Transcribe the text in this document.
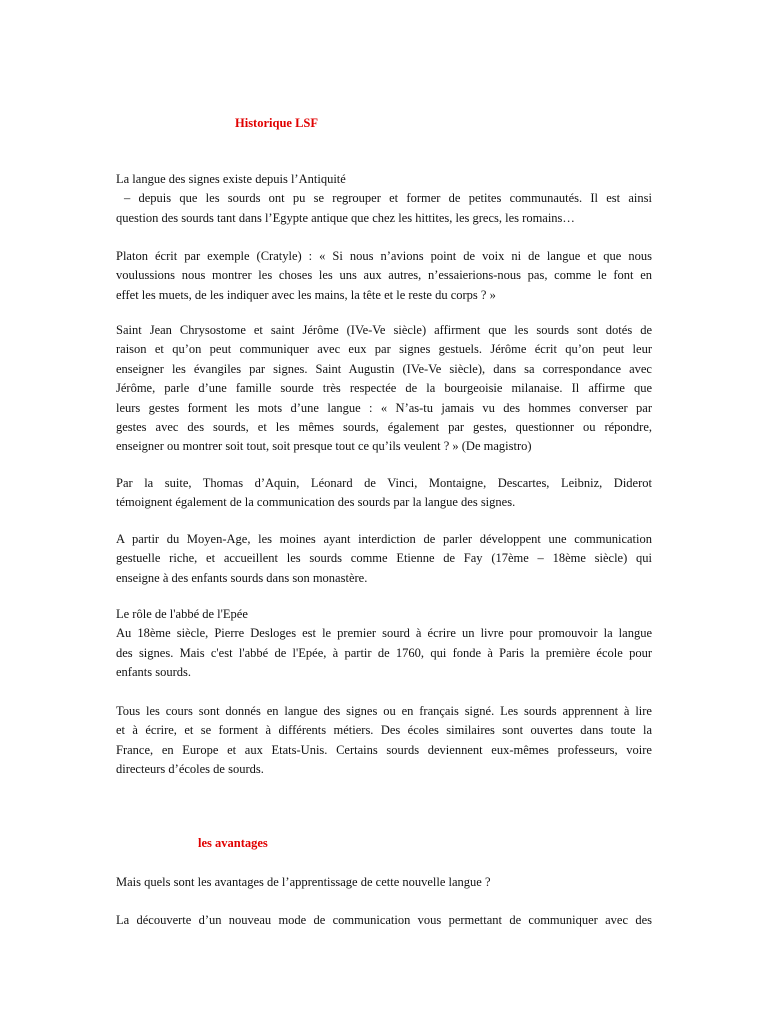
Historique LSF
La langue des signes existe depuis l’Antiquité
– depuis que les sourds ont pu se regrouper et former de petites communautés. Il est ainsi
question des sourds tant dans l’Egypte antique que chez les hittites, les grecs, les romains…
Platon écrit par exemple (Cratyle) : « Si nous n’avions point de voix ni de langue et que nous
voulussions nous montrer les choses les uns aux autres, n’essaierions-nous pas, comme le font en
effet les muets, de les indiquer avec les mains, la tête et le reste du corps ? »
Saint Jean Chrysostome et saint Jérôme (IVe-Ve siècle) affirment que les sourds sont dotés de
raison et qu’on peut communiquer avec eux par signes gestuels. Jérôme écrit qu’on peut leur
enseigner les évangiles par signes. Saint Augustin (IVe-Ve siècle), dans sa correspondance avec
Jérôme, parle d’une famille sourde très respectée de la bourgeoisie milanaise. Il affirme que
leurs gestes forment les mots d’une langue : « N’as-tu jamais vu des hommes converser par
gestes avec des sourds, et les mêmes sourds, également par gestes, questionner ou répondre,
enseigner ou montrer soit tout, soit presque tout ce qu’ils veulent ? » (De magistro)
Par la suite, Thomas d’Aquin, Léonard de Vinci, Montaigne, Descartes, Leibniz, Diderot
témoignent également de la communication des sourds par la langue des signes.
A partir du Moyen-Age, les moines ayant interdiction de parler développent une communication
gestuelle riche, et accueillent les sourds comme Etienne de Fay (17ème – 18ème siècle) qui
enseigne à des enfants sourds dans son monastère.
Le rôle de l'abbé de l'Epée
Au 18ème siècle, Pierre Desloges est le premier sourd à écrire un livre pour promouvoir la langue
des signes. Mais c'est l'abbé de l'Epée, à partir de 1760, qui fonde à Paris la première école pour
enfants sourds.
Tous les cours sont donnés en langue des signes ou en français signé. Les sourds apprennent à lire
et à écrire, et se forment à différents métiers. Des écoles similaires sont ouvertes dans toute la
France, en Europe et aux Etats-Unis. Certains sourds deviennent eux-mêmes professeurs, voire
directeurs d’écoles de sourds.
les avantages
Mais quels sont les avantages de l’apprentissage de cette nouvelle langue ?
La découverte d’un nouveau mode de communication vous permettant de communiquer avec des
